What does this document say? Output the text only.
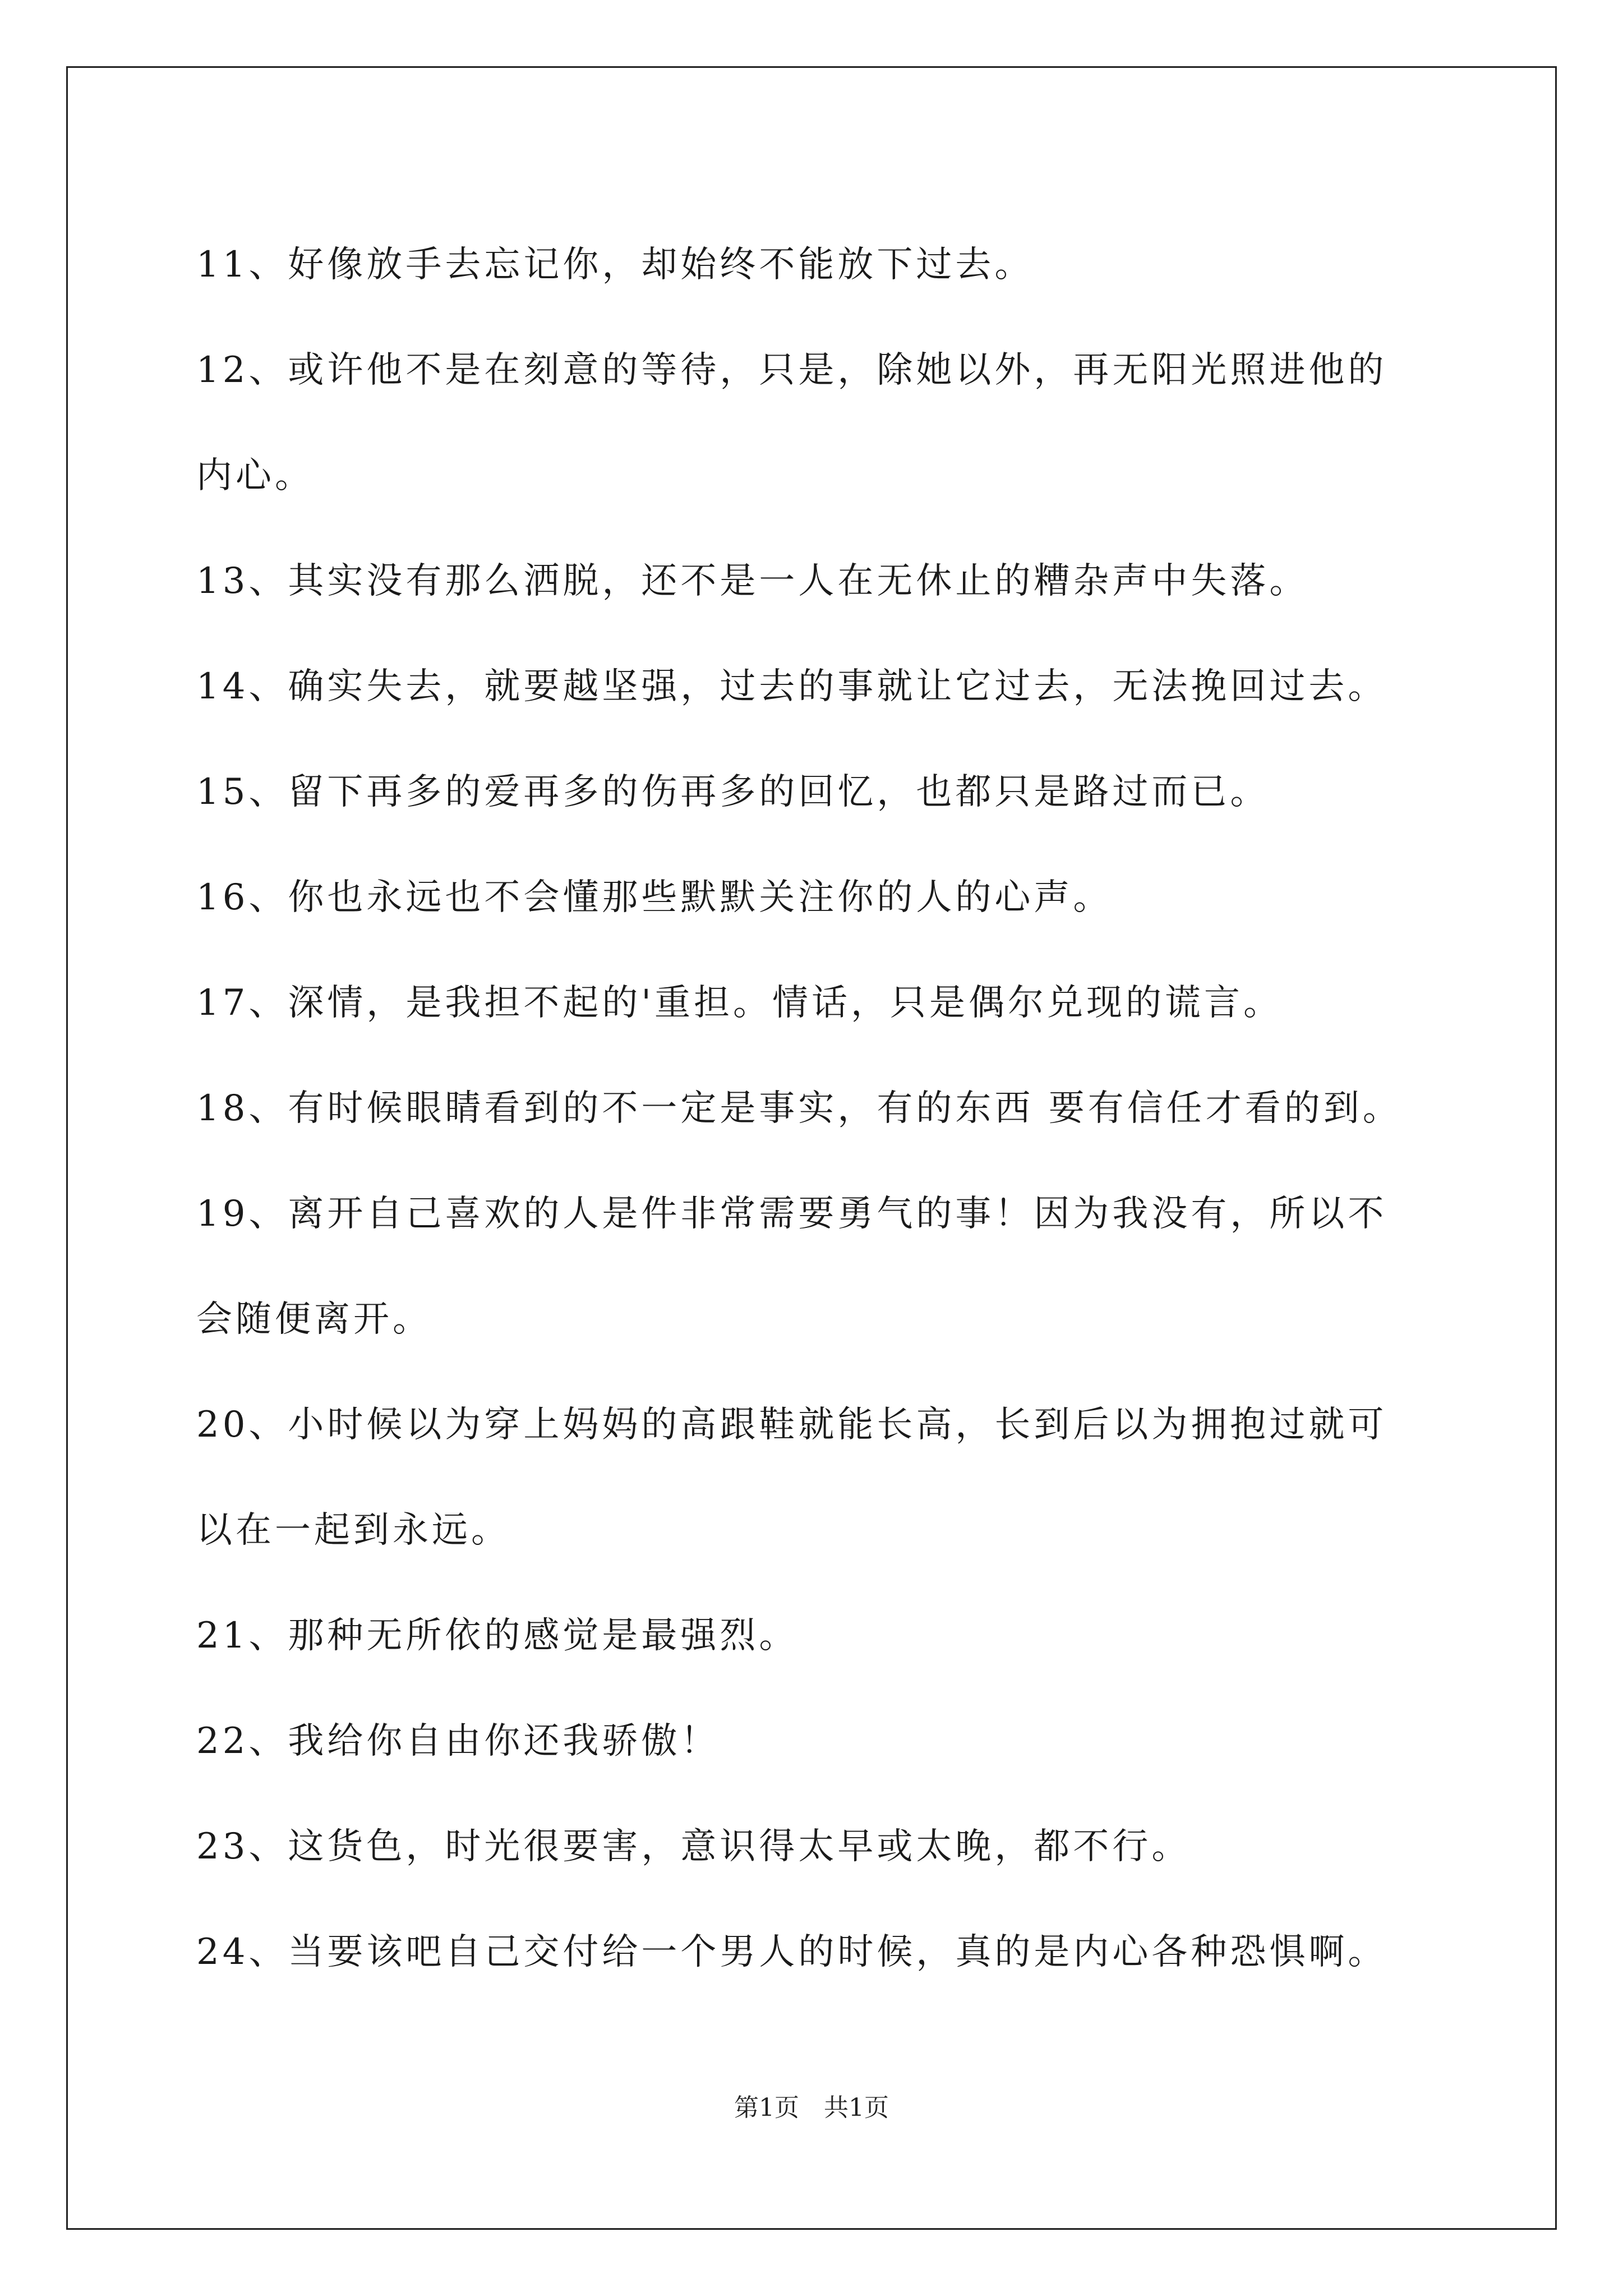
11、好像放手去忘记你，却始终不能放下过去。

12、或许他不是在刻意的等待，只是，除她以外，再无阳光照进他的

内心。

13、其实没有那么洒脱，还不是一人在无休止的糟杂声中失落。

14、确实失去，就要越坚强，过去的事就让它过去，无法挽回过去。

15、留下再多的爱再多的伤再多的回忆，也都只是路过而已。

16、你也永远也不会懂那些默默关注你的人的心声。

17、深情，是我担不起的'重担。情话，只是偶尔兑现的谎言。

18、有时候眼睛看到的不一定是事实，有的东西 要有信任才看的到。

19、离开自己喜欢的人是件非常需要勇气的事！因为我没有，所以不

会随便离开。

20、小时候以为穿上妈妈的高跟鞋就能长高，长到后以为拥抱过就可

以在一起到永远。

21、那种无所依的感觉是最强烈。

22、我给你自由你还我骄傲！

23、这货色，时光很要害，意识得太早或太晚，都不行。

24、当要该吧自己交付给一个男人的时候，真的是内心各种恐惧啊。

第1页　共1页
